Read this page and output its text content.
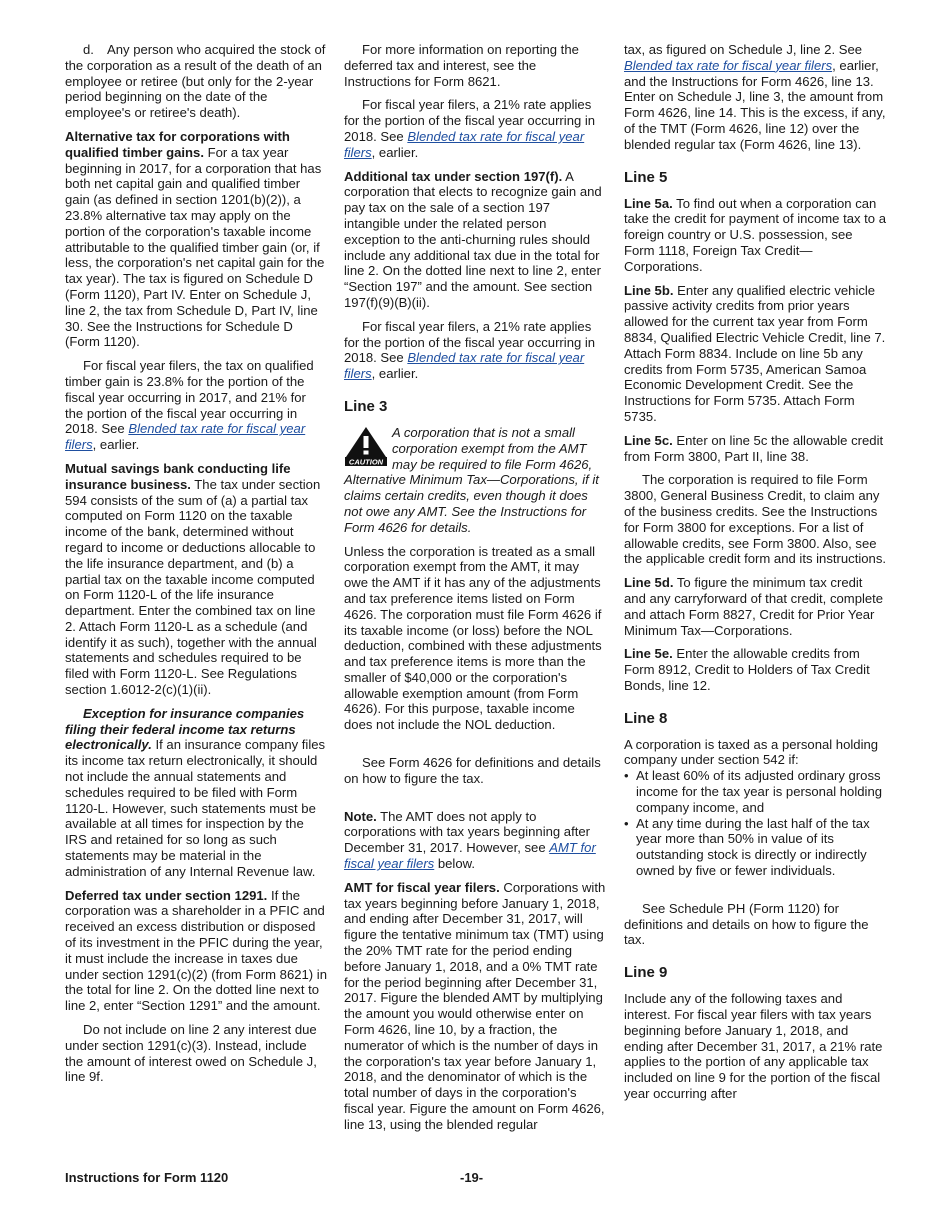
d. Any person who acquired the stock of the corporation as a result of the death of an employee or retiree (but only for the 2-year period beginning on the date of the employee's or retiree's death).

Alternative tax for corporations with qualified timber gains. For a tax year beginning in 2017, for a corporation that has both net capital gain and qualified timber gain (as defined in section 1201(b)(2)), a 23.8% alternative tax may apply on the portion of the corporation's taxable income attributable to the qualified timber gain (or, if less, the corporation's net capital gain for the tax year). The tax is figured on Schedule D (Form 1120), Part IV. Enter on Schedule J, line 2, the tax from Schedule D, Part IV, line 30. See the Instructions for Schedule D (Form 1120).

For fiscal year filers, the tax on qualified timber gain is 23.8% for the portion of the fiscal year occurring in 2017, and 21% for the portion of the fiscal year occurring in 2018. See Blended tax rate for fiscal year filers, earlier.

Mutual savings bank conducting life insurance business. The tax under section 594 consists of the sum of (a) a partial tax computed on Form 1120 on the taxable income of the bank, determined without regard to income or deductions allocable to the life insurance department, and (b) a partial tax on the taxable income computed on Form 1120-L of the life insurance department. Enter the combined tax on line 2. Attach Form 1120-L as a schedule (and identify it as such), together with the annual statements and schedules required to be filed with Form 1120-L. See Regulations section 1.6012-2(c)(1)(ii).

Exception for insurance companies filing their federal income tax returns electronically. If an insurance company files its income tax return electronically, it should not include the annual statements and schedules required to be filed with Form 1120-L. However, such statements must be available at all times for inspection by the IRS and retained for so long as such statements may be material in the administration of any Internal Revenue law.

Deferred tax under section 1291. If the corporation was a shareholder in a PFIC and received an excess distribution or disposed of its investment in the PFIC during the year, it must include the increase in taxes due under section 1291(c)(2) (from Form 8621) in the total for line 2. On the dotted line next to line 2, enter “Section 1291” and the amount.

Do not include on line 2 any interest due under section 1291(c)(3). Instead, include the amount of interest owed on Schedule J, line 9f.

For more information on reporting the deferred tax and interest, see the Instructions for Form 8621.

For fiscal year filers, a 21% rate applies for the portion of the fiscal year occurring in 2018. See Blended tax rate for fiscal year filers, earlier.

Additional tax under section 197(f). A corporation that elects to recognize gain and pay tax on the sale of a section 197 intangible under the related person exception to the anti-churning rules should include any additional tax due in the total for line 2. On the dotted line next to line 2, enter “Section 197” and the amount. See section 197(f)(9)(B)(ii).

For fiscal year filers, a 21% rate applies for the portion of the fiscal year occurring in 2018. See Blended tax rate for fiscal year filers, earlier.

Line 3
CAUTION
A corporation that is not a small corporation exempt from the AMT may be required to file Form 4626, Alternative Minimum Tax—Corporations, if it claims certain credits, even though it does not owe any AMT. See the Instructions for Form 4626 for details.

Unless the corporation is treated as a small corporation exempt from the AMT, it may owe the AMT if it has any of the adjustments and tax preference items listed on Form 4626. The corporation must file Form 4626 if its taxable income (or loss) before the NOL deduction, combined with these adjustments and tax preference items is more than the smaller of $40,000 or the corporation's allowable exemption amount (from Form 4626). For this purpose, taxable income does not include the NOL deduction.

See Form 4626 for definitions and details on how to figure the tax.

Note. The AMT does not apply to corporations with tax years beginning after December 31, 2017. However, see AMT for fiscal year filers below.

AMT for fiscal year filers. Corporations with tax years beginning before January 1, 2018, and ending after December 31, 2017, will figure the tentative minimum tax (TMT) using the 20% TMT rate for the period ending before January 1, 2018, and a 0% TMT rate for the period beginning after December 31, 2017. Figure the blended AMT by multiplying the amount you would otherwise enter on Form 4626, line 10, by a fraction, the numerator of which is the number of days in the corporation's tax year before January 1, 2018, and the denominator of which is the total number of days in the corporation's fiscal year. Figure the amount on Form 4626, line 13, using the blended regular

tax, as figured on Schedule J, line 2. See Blended tax rate for fiscal year filers, earlier, and the Instructions for Form 4626, line 13. Enter on Schedule J, line 3, the amount from Form 4626, line 14. This is the excess, if any, of the TMT (Form 4626, line 12) over the blended regular tax (Form 4626, line 13).

Line 5

Line 5a. To find out when a corporation can take the credit for payment of income tax to a foreign country or U.S. possession, see Form 1118, Foreign Tax Credit—Corporations.

Line 5b. Enter any qualified electric vehicle passive activity credits from prior years allowed for the current tax year from Form 8834, Qualified Electric Vehicle Credit, line 7. Attach Form 8834. Include on line 5b any credits from Form 5735, American Samoa Economic Development Credit. See the Instructions for Form 5735. Attach Form 5735.

Line 5c. Enter on line 5c the allowable credit from Form 3800, Part II, line 38.

The corporation is required to file Form 3800, General Business Credit, to claim any of the business credits. See the Instructions for Form 3800 for exceptions. For a list of allowable credits, see Form 3800. Also, see the applicable credit form and its instructions.

Line 5d. To figure the minimum tax credit and any carryforward of that credit, complete and attach Form 8827, Credit for Prior Year Minimum Tax—Corporations.

Line 5e. Enter the allowable credits from Form 8912, Credit to Holders of Tax Credit Bonds, line 12.

Line 8

A corporation is taxed as a personal holding company under section 542 if:

• At least 60% of its adjusted ordinary gross income for the tax year is personal holding company income, and
• At any time during the last half of the tax year more than 50% in value of its outstanding stock is directly or indirectly owned by five or fewer individuals.

See Schedule PH (Form 1120) for definitions and details on how to figure the tax.

Line 9

Include any of the following taxes and interest. For fiscal year filers with tax years beginning before January 1, 2018, and ending after December 31, 2017, a 21% rate applies to the portion of any applicable tax included on line 9 for the portion of the fiscal year occurring after

Instructions for Form 1120	-19-
